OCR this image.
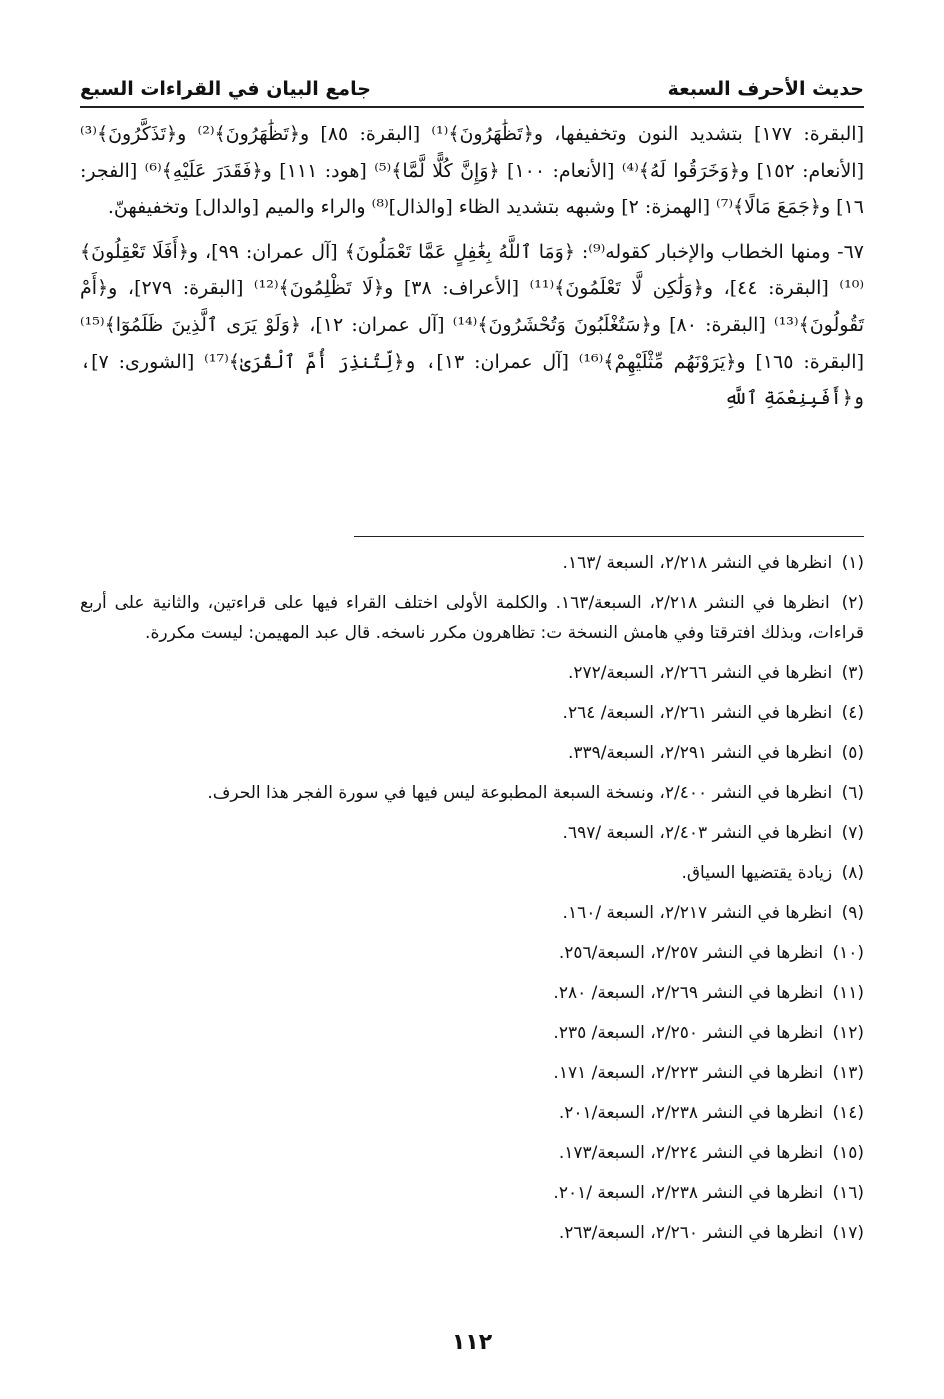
حديث الأحرف السبعة
جامع البيان في القراءات السبع

[البقرة: ١٧٧] بتشديد النون وتخفيفها، و﴿تَظَٰهَرُونَ﴾⁽¹⁾ [البقرة: ٨٥] و﴿تَظَٰهَرُونَ﴾⁽²⁾ و﴿تَذَكَّرُونَ﴾⁽³⁾ [الأنعام: ١٥٢] و﴿وَخَرَقُوا لَهُ﴾⁽⁴⁾ [الأنعام: ١٠٠] ﴿وَإِنَّ كُلًّا لَّمَّا﴾⁽⁵⁾ [هود: ١١١] و﴿فَقَدَرَ عَلَيْهِ﴾⁽⁶⁾ [الفجر: ١٦] و﴿جَمَعَ مَالًا﴾⁽⁷⁾ [الهمزة: ٢] وشبهه بتشديد الظاء [والذال]⁽⁸⁾ والراء والميم [والدال] وتخفيفهنّ.

٦٧- ومنها الخطاب والإخبار كقوله⁽⁹⁾: ﴿وَمَا ٱللَّهُ بِغَٰفِلٍ عَمَّا تَعْمَلُونَ﴾ [آل عمران: ٩٩]، و﴿أَفَلَا تَعْقِلُونَ﴾⁽¹⁰⁾ [البقرة: ٤٤]، و﴿وَلَٰكِن لَّا تَعْلَمُونَ﴾⁽¹¹⁾ [الأعراف: ٣٨] و﴿لَا تَظْلِمُونَ﴾⁽¹²⁾ [البقرة: ٢٧٩]، و﴿أَمْ تَقُولُونَ﴾⁽¹³⁾ [البقرة: ٨٠] و﴿سَتُغْلَبُونَ وَتُحْشَرُونَ﴾⁽¹⁴⁾ [آل عمران: ١٢]، ﴿وَلَوْ يَرَى ٱلَّذِينَ ظَلَمُوٓا﴾⁽¹⁵⁾ [البقرة: ١٦٥] و﴿يَرَوْنَهُم مِّثْلَيْهِمْ﴾⁽¹⁶⁾ [آل عمران: ١٣]، و﴿لِّتُنذِرَ أُمَّ ٱلْقُرَىٰ﴾⁽¹⁷⁾ [الشورى: ٧]، و﴿أَفَبِنِعْمَةِ ٱللَّهِ

(١) انظرها في النشر ٢/٢١٨، السبعة /١٦٣.

(٢) انظرها في النشر ٢/٢١٨، السبعة/١٦٣. والكلمة الأولى اختلف القراء فيها على قراءتين، والثانية على أربع قراءات، وبذلك افترقتا وفي هامش النسخة ت: تظاهرون مكرر ناسخه. قال عبد المهيمن: ليست مكررة.

(٣) انظرها في النشر ٢/٢٦٦، السبعة/٢٧٢.

(٤) انظرها في النشر ٢/٢٦١، السبعة/ ٢٦٤.

(٥) انظرها في النشر ٢/٢٩١، السبعة/٣٣٩.

(٦) انظرها في النشر ٢/٤٠٠، ونسخة السبعة المطبوعة ليس فيها في سورة الفجر هذا الحرف.

(٧) انظرها في النشر ٢/٤٠٣، السبعة /٦٩٧.

(٨) زيادة يقتضيها السياق.

(٩) انظرها في النشر ٢/٢١٧، السبعة /١٦٠.

(١٠) انظرها في النشر ٢/٢٥٧، السبعة/٢٥٦.

(١١) انظرها في النشر ٢/٢٦٩، السبعة/ ٢٨٠.

(١٢) انظرها في النشر ٢/٢٥٠، السبعة/ ٢٣٥.

(١٣) انظرها في النشر ٢/٢٢٣، السبعة/ ١٧١.

(١٤) انظرها في النشر ٢/٢٣٨، السبعة/٢٠١.

(١٥) انظرها في النشر ٢/٢٢٤، السبعة/١٧٣.

(١٦) انظرها في النشر ٢/٢٣٨، السبعة /٢٠١.

(١٧) انظرها في النشر ٢/٢٦٠، السبعة/٢٦٣.

١١٢
